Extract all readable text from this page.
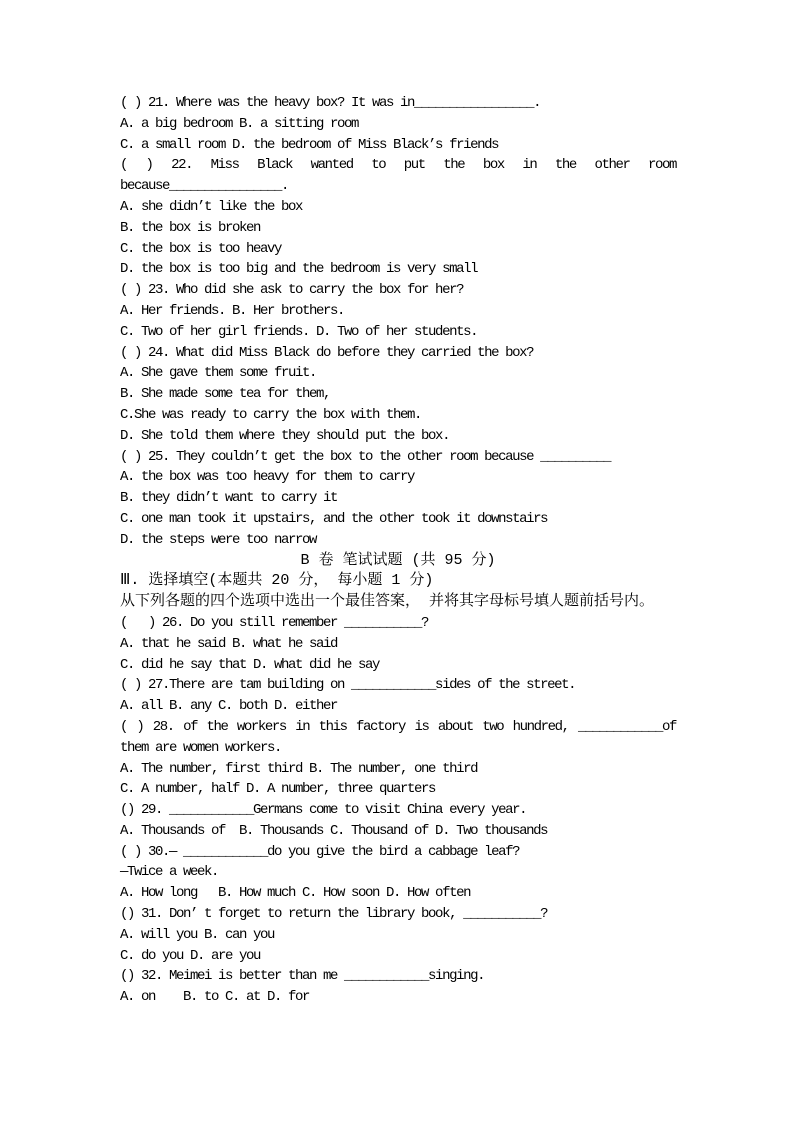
( ) 21. Where was the heavy box? It was in_________________.
A. a big bedroom B. a sitting room
C. a small room D. the bedroom of Miss Black’s friends
( ) 22. Miss Black wanted to put the box in the other room
because________________.
A. she didn’t like the box
B. the box is broken
C. the box is too heavy
D. the box is too big and the bedroom is very small
( ) 23. Who did she ask to carry the box for her?
A. Her friends. B. Her brothers.
C. Two of her girl friends. D. Two of her students.
( ) 24. What did Miss Black do before they carried the box?
A. She gave them some fruit.
B. She made some tea for them,
C.She was ready to carry the box with them.
D. She told them where they should put the box.
( ) 25. They couldn’t get the box to the other room because __________
A. the box was too heavy for them to carry
B. they didn’t want to carry it
C. one man took it upstairs, and the other took it downstairs
D. the steps were too narrow
B 卷 笔试试题 (共 95 分)
Ⅲ. 选择填空(本题共 20 分， 每小题 1 分)
从下列各题的四个选项中选出一个最佳答案， 并将其字母标号填人题前括号内。
(   ) 26. Do you still remember ___________?
A. that he said B. what he said
C. did he say that D. what did he say
( ) 27.There are tam building on ____________sides of the street.
A. all B. any C. both D. either
( ) 28. of the workers in this factory is about two hundred, ____________of
them are women workers.
A. The number, first third B. The number, one third
C. A number, half D. A number, three quarters
() 29. ____________Germans come to visit China every year.
A. Thousands of  B. Thousands C. Thousand of D. Two thousands
( ) 30.— ____________do you give the bird a cabbage leaf?
—Twice a week.
A. How long   B. How much C. How soon D. How often
() 31. Don’ t forget to return the library book, ___________?
A. will you B. can you
C. do you D. are you
() 32. Meimei is better than me ____________singing.
A. on    B. to C. at D. for
